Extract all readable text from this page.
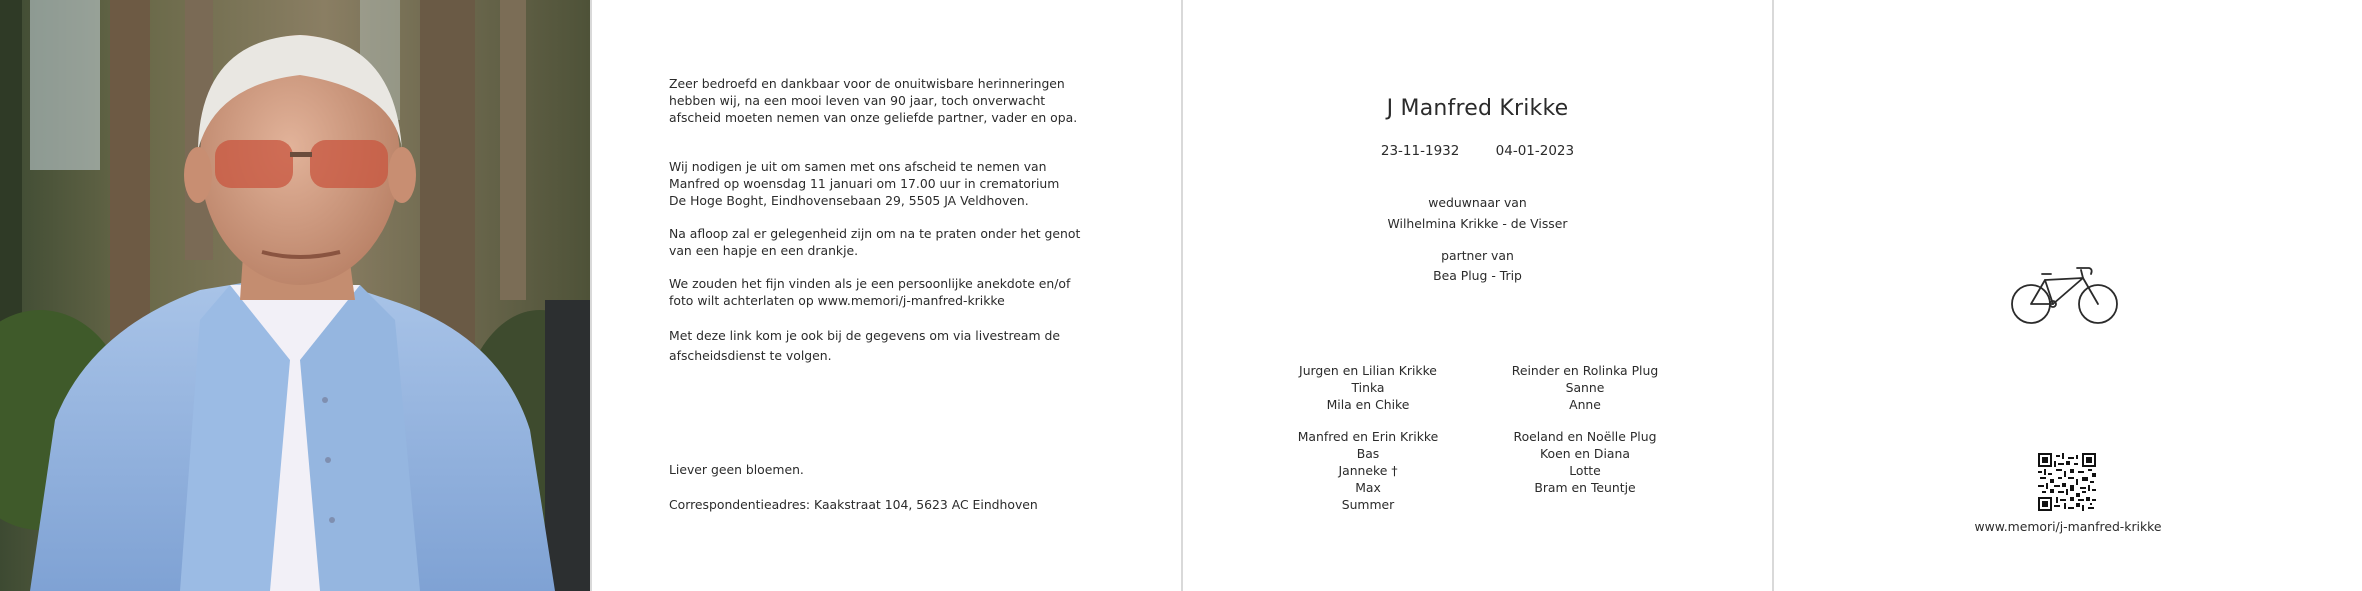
Zeer bedroefd en dankbaar voor de onuitwisbare herinneringen
hebben wij, na een mooi leven van 90 jaar, toch onverwacht
afscheid moeten nemen van onze geliefde partner, vader en opa.

Wij nodigen je uit om samen met ons afscheid te nemen van
Manfred op woensdag 11 januari om 17.00 uur in crematorium
De Hoge Boght, Eindhovensebaan 29, 5505 JA Veldhoven.

Na afloop zal er gelegenheid zijn om na te praten onder het genot
van een hapje en een drankje.

We zouden het fijn vinden als je een persoonlijke anekdote en/of
foto wilt achterlaten op www.memori/j-manfred-krikke

Met deze link kom je ook bij de gegevens om via livestream de
afscheidsdienst te volgen.

Liever geen bloemen.

Correspondentieadres: Kaakstraat 104, 5623 AC Eindhoven

J Manfred Krikke
23-11-1932	04-01-2023
weduwnaar van
Wilhelmina Krikke - de Visser
partner van
Bea Plug - Trip
Jurgen en Lilian Krikke
Tinka
Mila en Chike
Manfred en Erin Krikke
Bas
Janneke †
Max
Summer
Reinder en Rolinka Plug
Sanne
Anne
Roeland en Noëlle Plug
Koen en Diana
Lotte
Bram en Teuntje
www.memori/j-manfred-krikke
